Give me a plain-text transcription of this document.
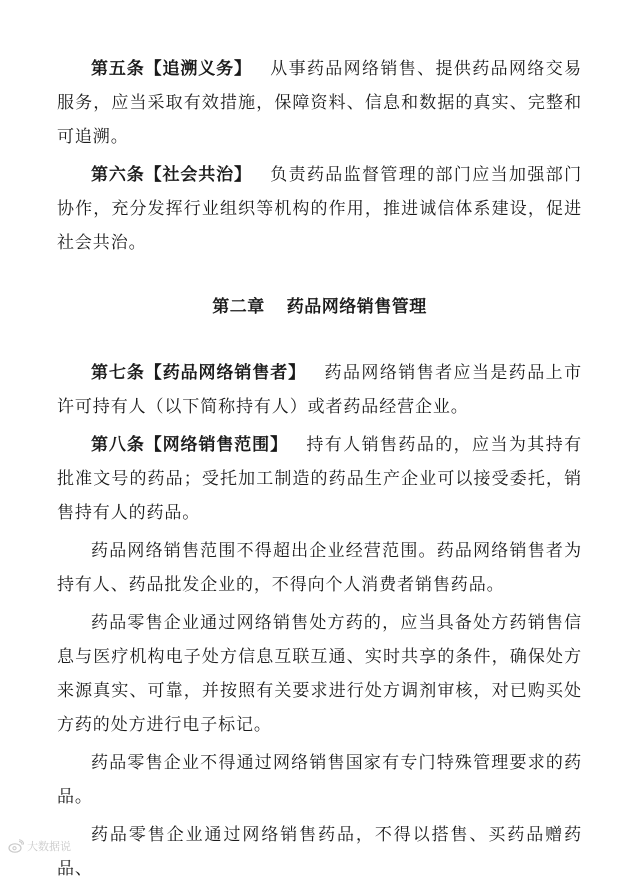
第五条【追溯义务】  从事药品网络销售、提供药品网络交易服务，应当采取有效措施，保障资料、信息和数据的真实、完整和可追溯。

第六条【社会共治】  负责药品监督管理的部门应当加强部门协作，充分发挥行业组织等机构的作用，推进诚信体系建设，促进社会共治。

第二章 药品网络销售管理

第七条【药品网络销售者】  药品网络销售者应当是药品上市许可持有人（以下简称持有人）或者药品经营企业。

第八条【网络销售范围】  持有人销售药品的，应当为其持有批准文号的药品；受托加工制造的药品生产企业可以接受委托，销售持有人的药品。

药品网络销售范围不得超出企业经营范围。药品网络销售者为持有人、药品批发企业的，不得向个人消费者销售药品。

药品零售企业通过网络销售处方药的，应当具备处方药销售信息与医疗机构电子处方信息互联互通、实时共享的条件，确保处方来源真实、可靠，并按照有关要求进行处方调剂审核，对已购买处方药的处方进行电子标记。

药品零售企业不得通过网络销售国家有专门特殊管理要求的药品。

药品零售企业通过网络销售药品，不得以搭售、买药品赠药品、

大数据说
